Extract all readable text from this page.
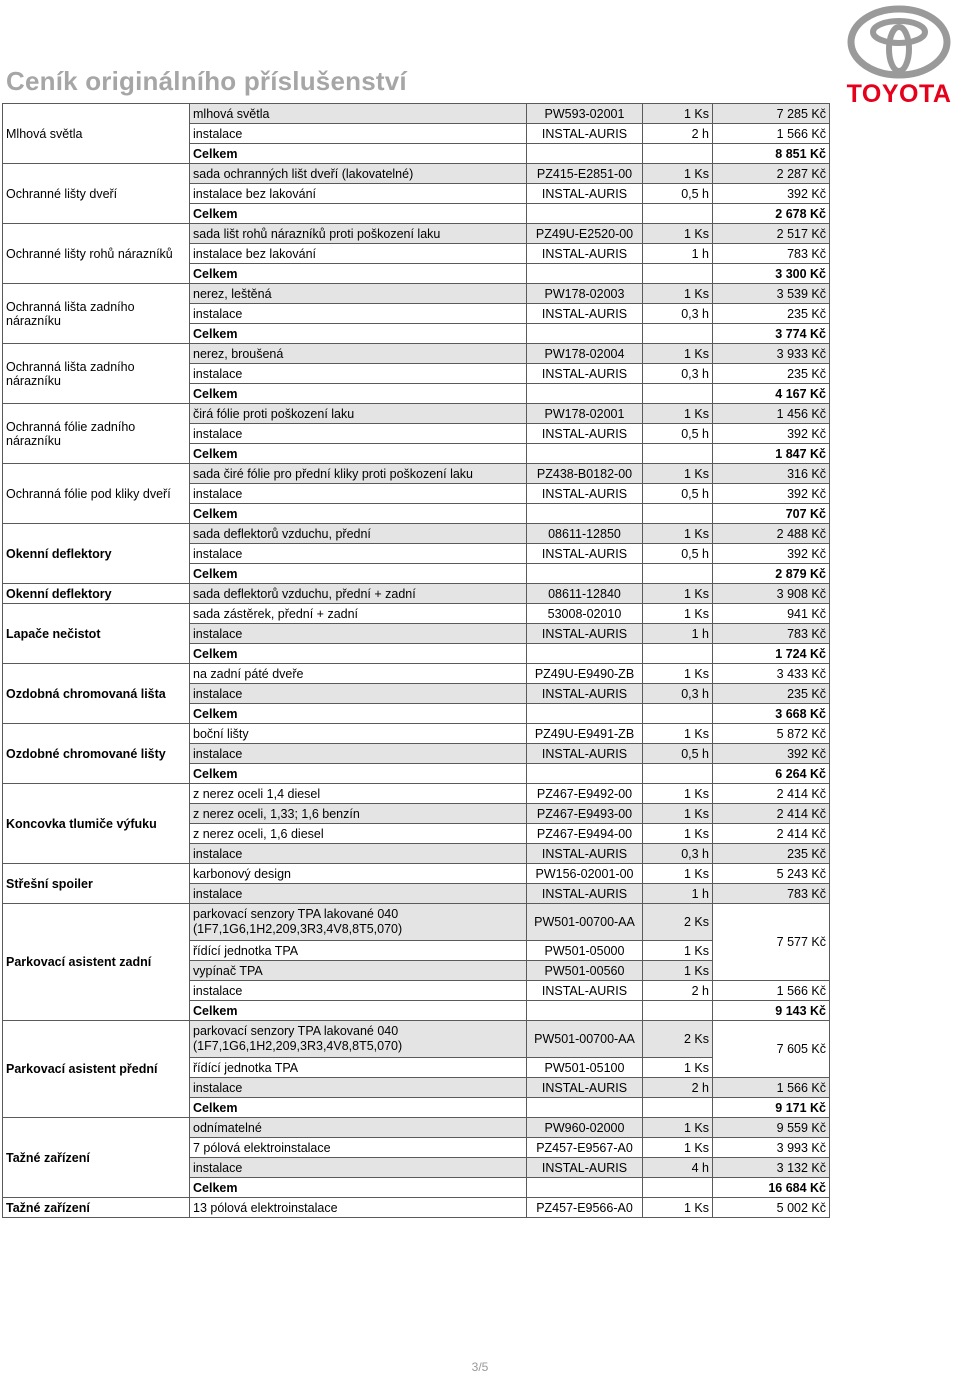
Ceník originálního příslušenství	TOYOTA
Mlhová světla	mlhová světla	PW593-02001	1 Ks	7 285 Kč
	instalace	INSTAL-AURIS	2 h	1 566 Kč
	Celkem			8 851 Kč
Ochranné lišty dveří	sada ochranných lišt dveří (lakovatelné)	PZ415-E2851-00	1 Ks	2 287 Kč
	instalace bez lakování	INSTAL-AURIS	0,5 h	392 Kč
	Celkem			2 678 Kč
Ochranné lišty rohů nárazníků	sada lišt rohů nárazníků proti poškození laku	PZ49U-E2520-00	1 Ks	2 517 Kč
	instalace bez lakování	INSTAL-AURIS	1 h	783 Kč
	Celkem			3 300 Kč
Ochranná lišta zadního nárazníku	nerez, leštěná	PW178-02003	1 Ks	3 539 Kč
	instalace	INSTAL-AURIS	0,3 h	235 Kč
	Celkem			3 774 Kč
Ochranná lišta zadního nárazníku	nerez, broušená	PW178-02004	1 Ks	3 933 Kč
	instalace	INSTAL-AURIS	0,3 h	235 Kč
	Celkem			4 167 Kč
Ochranná fólie zadního nárazníku	čirá fólie proti poškození laku	PW178-02001	1 Ks	1 456 Kč
	instalace	INSTAL-AURIS	0,5 h	392 Kč
	Celkem			1 847 Kč
Ochranná fólie pod kliky dveří	sada čiré fólie pro přední kliky proti poškození laku	PZ438-B0182-00	1 Ks	316 Kč
	instalace	INSTAL-AURIS	0,5 h	392 Kč
	Celkem			707 Kč
Okenní deflektory	sada deflektorů vzduchu, přední	08611-12850	1 Ks	2 488 Kč
	instalace	INSTAL-AURIS	0,5 h	392 Kč
	Celkem			2 879 Kč
Okenní deflektory	sada deflektorů vzduchu, přední + zadní	08611-12840	1 Ks	3 908 Kč
Lapače nečistot	sada zástěrek, přední + zadní	53008-02010	1 Ks	941 Kč
	instalace	INSTAL-AURIS	1 h	783 Kč
	Celkem			1 724 Kč
Ozdobná chromovaná lišta	na zadní páté dveře	PZ49U-E9490-ZB	1 Ks	3 433 Kč
	instalace	INSTAL-AURIS	0,3 h	235 Kč
	Celkem			3 668 Kč
Ozdobné chromované lišty	boční lišty	PZ49U-E9491-ZB	1 Ks	5 872 Kč
	instalace	INSTAL-AURIS	0,5 h	392 Kč
	Celkem			6 264 Kč
Koncovka tlumiče výfuku	z nerez oceli 1,4 diesel	PZ467-E9492-00	1 Ks	2 414 Kč
	z nerez oceli, 1,33; 1,6 benzín	PZ467-E9493-00	1 Ks	2 414 Kč
	z nerez oceli, 1,6 diesel	PZ467-E9494-00	1 Ks	2 414 Kč
	instalace	INSTAL-AURIS	0,3 h	235 Kč
Střešní spoiler	karbonový design	PW156-02001-00	1 Ks	5 243 Kč
	instalace	INSTAL-AURIS	1 h	783 Kč
Parkovací asistent zadní	parkovací senzory TPA lakované 040 (1F7,1G6,1H2,209,3R3,4V8,8T5,070)	PW501-00700-AA	2 Ks	7 577 Kč
	řídící jednotka TPA	PW501-05000	1 Ks	
	vypínač TPA	PW501-00560	1 Ks	
	instalace	INSTAL-AURIS	2 h	1 566 Kč
	Celkem			9 143 Kč
Parkovací asistent přední	parkovací senzory TPA lakované 040 (1F7,1G6,1H2,209,3R3,4V8,8T5,070)	PW501-00700-AA	2 Ks	7 605 Kč
	řídící jednotka TPA	PW501-05100	1 Ks	
	instalace	INSTAL-AURIS	2 h	1 566 Kč
	Celkem			9 171 Kč
Tažné zařízení	odnímatelné	PW960-02000	1 Ks	9 559 Kč
	7 pólová elektroinstalace	PZ457-E9567-A0	1 Ks	3 993 Kč
	instalace	INSTAL-AURIS	4 h	3 132 Kč
	Celkem			16 684 Kč
Tažné zařízení	13 pólová elektroinstalace	PZ457-E9566-A0	1 Ks	5 002 Kč
3/5
